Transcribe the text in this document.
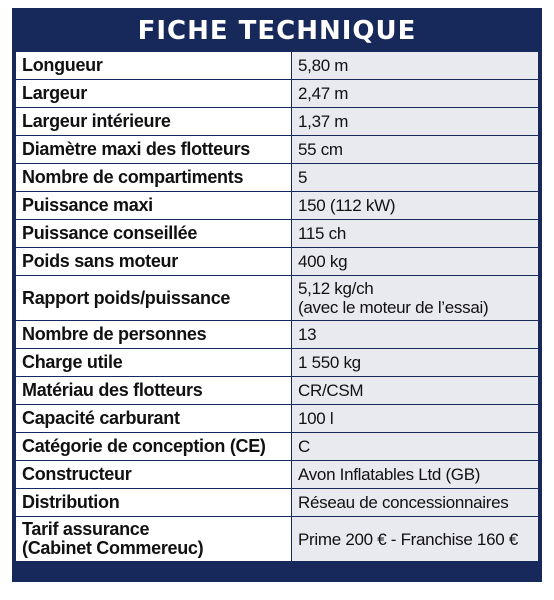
FICHE TECHNIQUE
Longueur	5,80 m
Largeur	2,47 m
Largeur intérieure	1,37 m
Diamètre maxi des flotteurs	55 cm
Nombre de compartiments	5
Puissance maxi	150 (112 kW)
Puissance conseillée	115 ch
Poids sans moteur	400 kg
Rapport poids/puissance	5,12 kg/ch
(avec le moteur de l’essai)

Nombre de personnes	13
Charge utile	1 550 kg
Matériau des flotteurs	CR/CSM
Capacité carburant	100 l
Catégorie de conception (CE)	C
Constructeur	Avon Inflatables Ltd (GB)
Distribution	Réseau de concessionnaires

Tarif assurance
(Cabinet Commereuc)	Prime 200 € - Franchise 160 €
